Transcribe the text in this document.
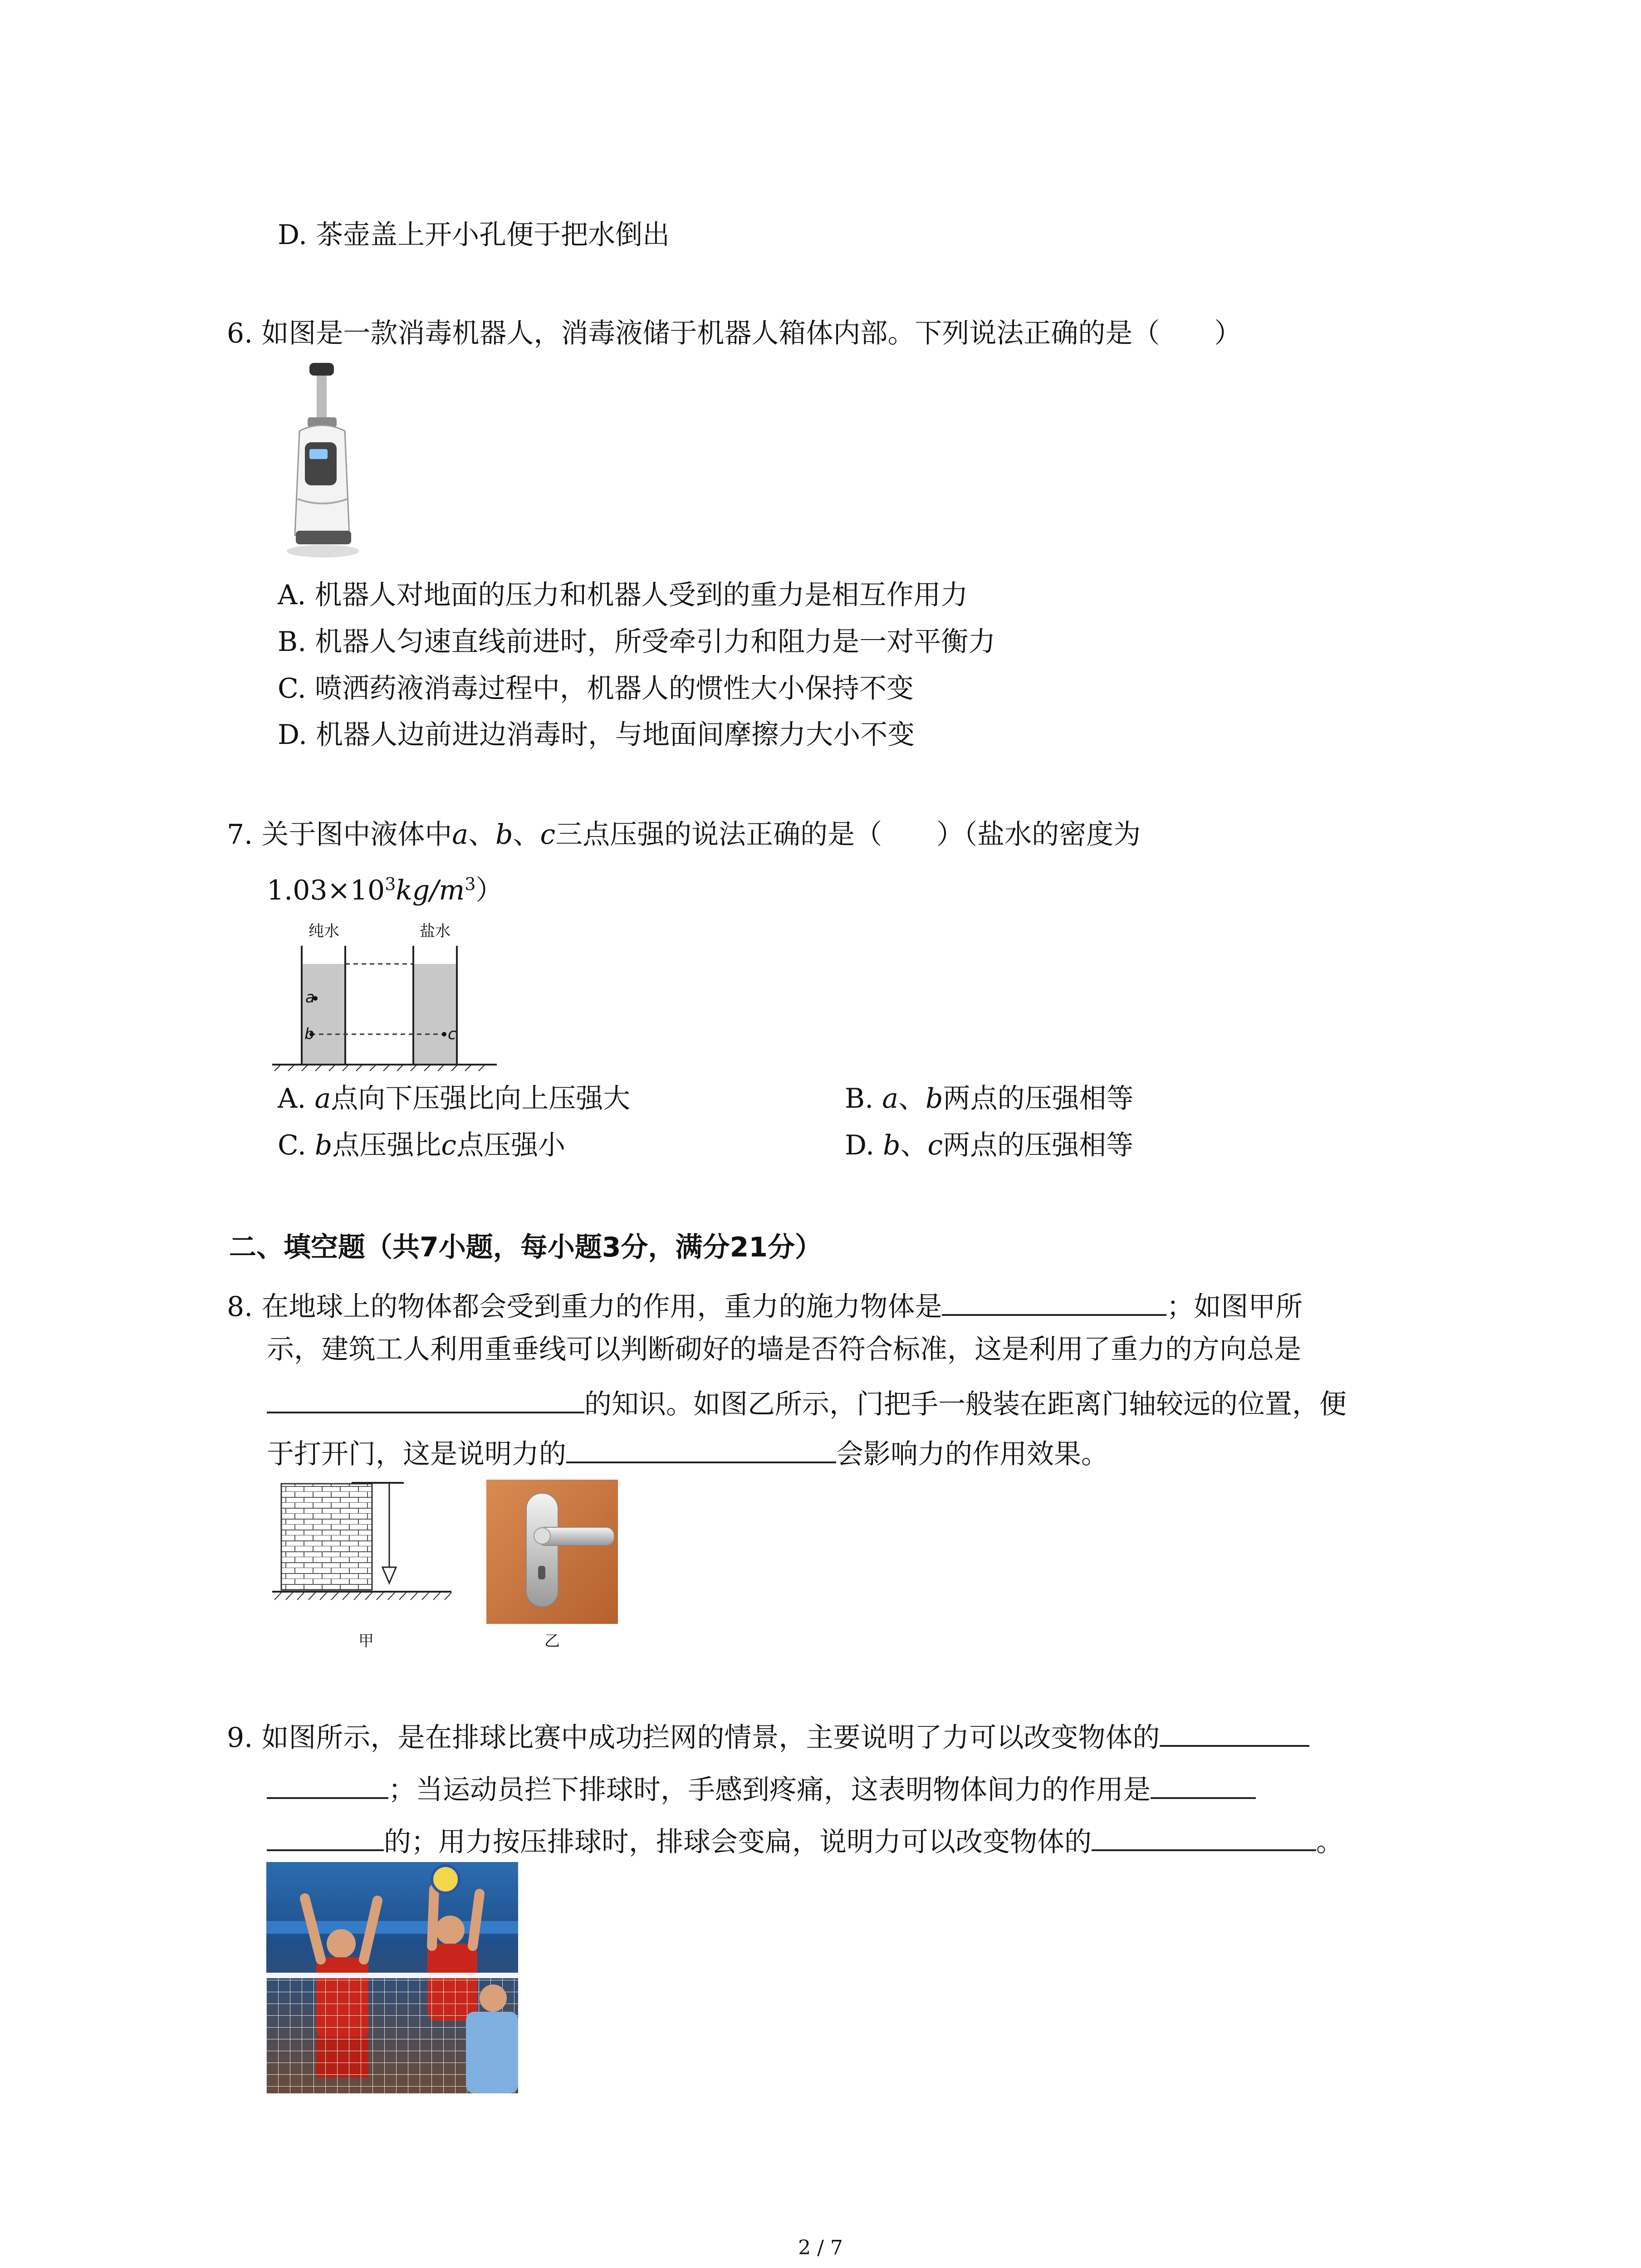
D. 茶壶盖上开小孔便于把水倒出
6. 如图是一款消毒机器人，消毒液储于机器人箱体内部。下列说法正确的是（　　）
A. 机器人对地面的压力和机器人受到的重力是相互作用力
B. 机器人匀速直线前进时，所受牵引力和阻力是一对平衡力
C. 喷洒药液消毒过程中，机器人的惯性大小保持不变
D. 机器人边前进边消毒时，与地面间摩擦力大小不变
7. 关于图中液体中a、b、c三点压强的说法正确的是（　　）（盐水的密度为
$1.03\times 10^3kg/m^3$）
纯水	盐水
a
b	c
A. a点向下压强比向上压强大	B. a、b两点的压强相等
C. b点压强比c点压强小	D. b、c两点的压强相等
二、填空题（共7小题，每小题3分，满分21分）
8. 在地球上的物体都会受到重力的作用，重力的施力物体是	；如图甲所
示，建筑工人利用重垂线可以判断砌好的墙是否符合标准，这是利用了重力的方向总是
的知识。如图乙所示，门把手一般装在距离门轴较远的位置，便
于打开门，这是说明力的	会影响力的作用效果。
甲	乙
9. 如图所示，是在排球比赛中成功拦网的情景，主要说明了力可以改变物体的
；当运动员拦下排球时，手感到疼痛，这表明物体间力的作用是
的；用力按压排球时，排球会变扁，说明力可以改变物体的	。
2 / 7
